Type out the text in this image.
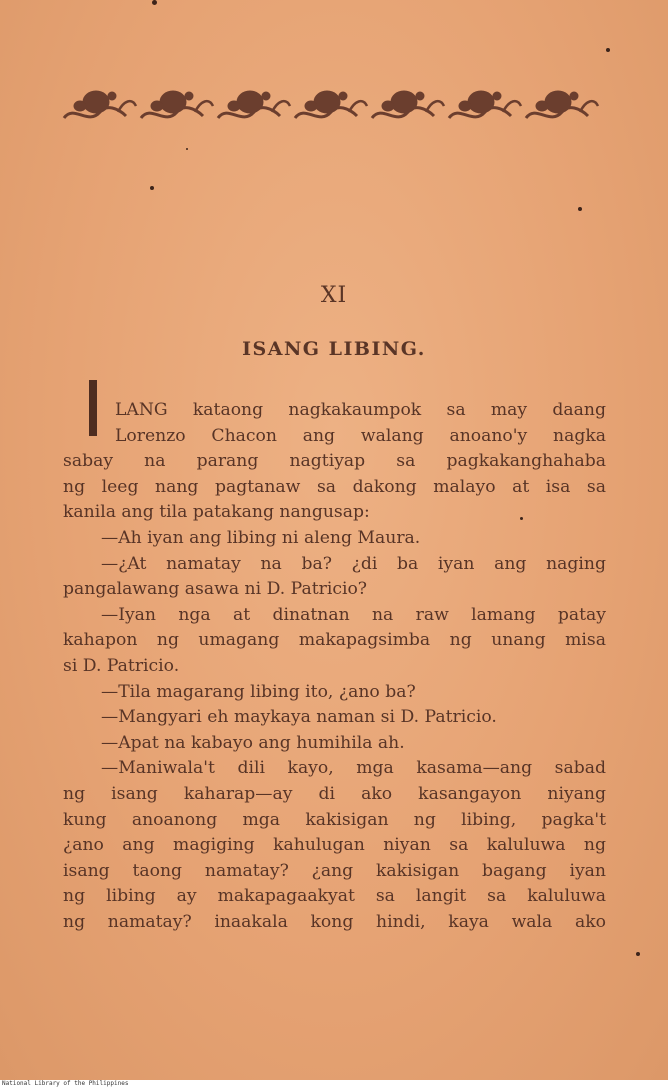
XI
ISANG LIBING.
LANG kataong nagkakaumpok sa may daang
Lorenzo Chacon ang walang anoano'y nagka
sabay na parang nagtiyap sa pagkakanghahaba
ng leeg nang pagtanaw sa dakong malayo at isa sa
kanila ang tila patakang nangusap:
—Ah iyan ang libing ni aleng Maura.
—¿At namatay na ba? ¿di ba iyan ang naging
pangalawang asawa ni D. Patricio?
—Iyan nga at dinatnan na raw lamang patay
kahapon ng umagang makapagsimba ng unang misa
si D. Patricio.
—Tila magarang libing ito, ¿ano ba?
—Mangyari eh maykaya naman si D. Patricio.
—Apat na kabayo ang humihila ah.
—Maniwala't dili kayo, mga kasama—ang sabad
ng isang kaharap—ay di ako kasangayon niyang
kung anoanong mga kakisigan ng libing, pagka't
¿ano ang magiging kahulugan niyan sa kaluluwa ng
isang taong namatay? ¿ang kakisigan bagang iyan
ng libing ay makapagaakyat sa langit sa kaluluwa
ng namatay? inaakala kong hindi, kaya wala ako
National Library of the Philippines
